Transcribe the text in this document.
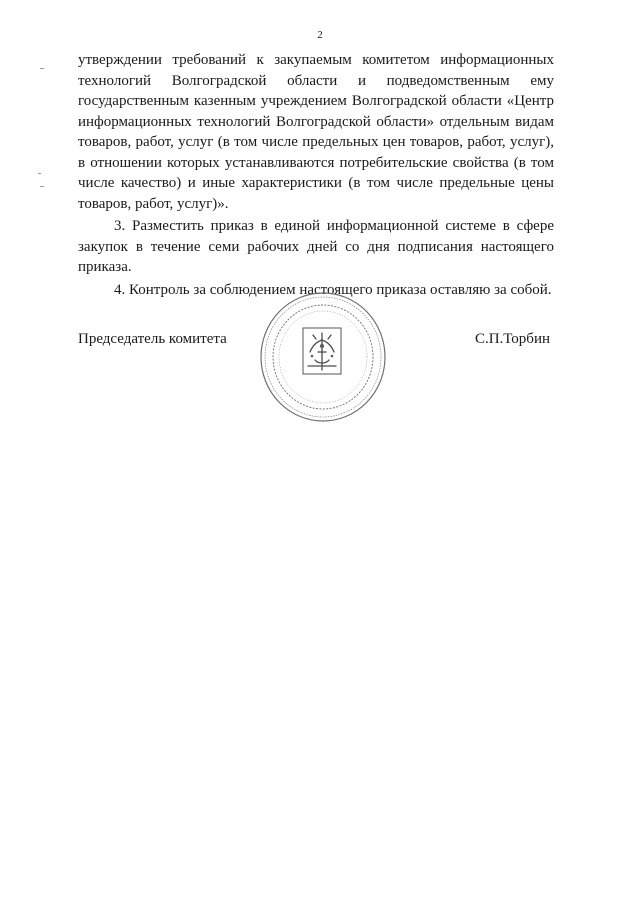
2

утверждении требований к закупаемым комитетом информационных технологий Волгоградской области и подведомственным ему государственным казенным учреждением Волгоградской области «Центр информационных технологий Волгоградской области» отдельным видам товаров, работ, услуг (в том числе предельных цен товаров, работ, услуг), в отношении которых устанавливаются потребительские свойства (в том числе качество) и иные характеристики (в том числе предельные цены товаров, работ, услуг)».

3. Разместить приказ в единой информационной системе в сфере закупок в течение семи рабочих дней со дня подписания настоящего приказа.

4. Контроль за соблюдением настоящего приказа оставляю за собой.

Председатель комитета	С.П.Торбин
